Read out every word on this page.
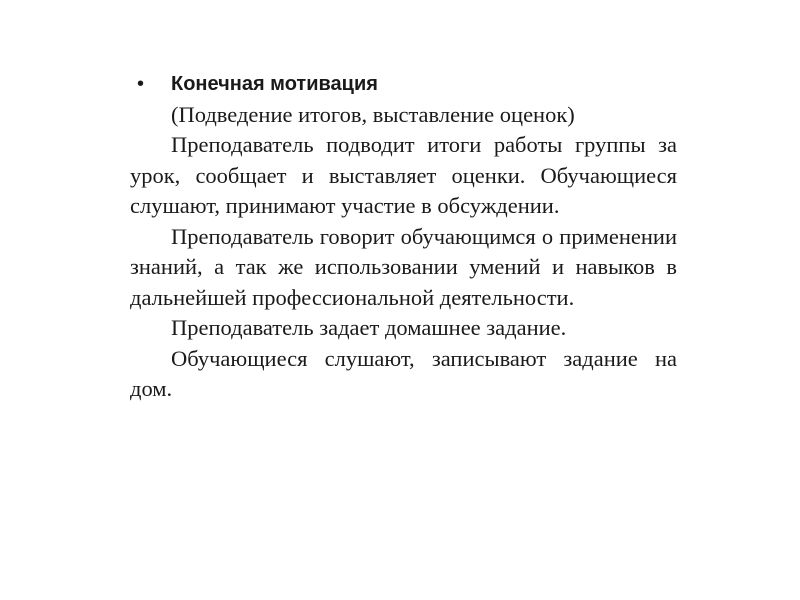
• Конечная мотивация

(Подведение итогов, выставление оценок)

Преподаватель подводит итоги работы группы за урок, сообщает и выставляет оценки. Обучающиеся слушают, принимают участие в обсуждении.

Преподаватель говорит обучающимся о применении знаний, а так же использовании умений и навыков в дальнейшей профессиональной деятельности.

Преподаватель задает домашнее задание.

Обучающиеся слушают, записывают задание на дом.
